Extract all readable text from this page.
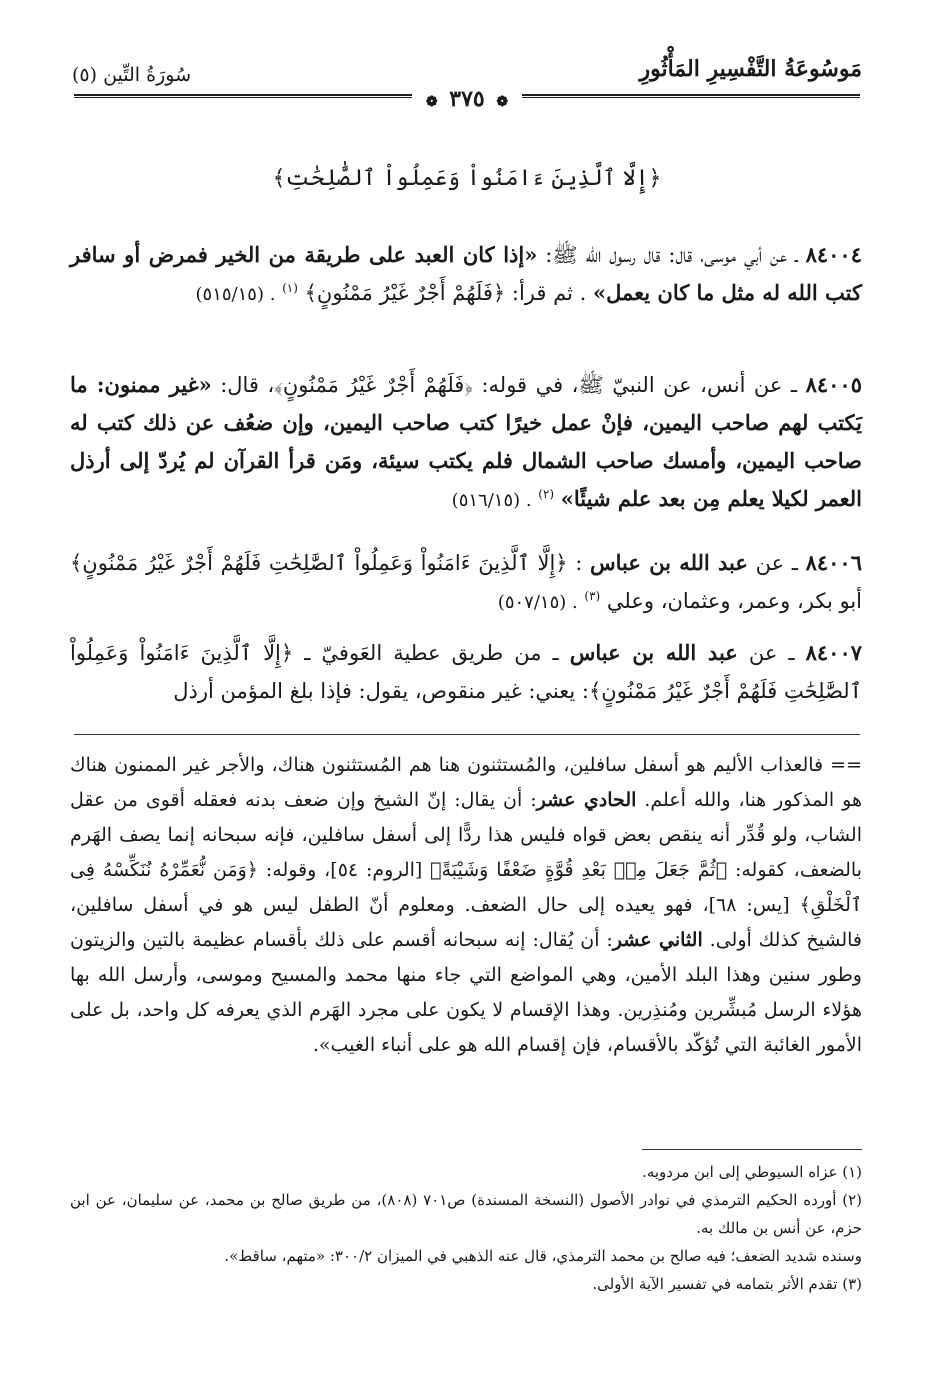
مَوسُوعَةُ التَّفْسِيرِ المَأْثُورِ
سُورَةُ التِّين (٥)
❁ ٣٧٥ ❁
﴿إِلَّا ٱلَّذِينَ ءَامَنُواْ وَعَمِلُواْ ٱلصَّٰلِحَٰتِ﴾
٨٤٠٠٤ ـ عن أبي موسى، قال: قال رسول الله ﷺ: «إذا كان العبد على طريقة من الخير فمرض أو سافر كتب الله له مثل ما كان يعمل» . ثم قرأ: ﴿فَلَهُمْ أَجْرٌ غَيْرُ مَمْنُونٍ﴾ $^{(١)}$ . (٥١٥/١٥)
٨٤٠٠٥ ـ عن أنس، عن النبيّ ﷺ، في قوله: ﴿فَلَهُمْ أَجْرٌ غَيْرُ مَمْنُونٍ﴾، قال: «غير ممنون: ما يَكتب لهم صاحب اليمين، فإنْ عمل خيرًا كتب صاحب اليمين، وإن ضعُف عن ذلك كتب له صاحب اليمين، وأمسك صاحب الشمال فلم يكتب سيئة، ومَن قرأ القرآن لم يُردّ إلى أرذل العمر لكيلا يعلم مِن بعد علم شيئًا» $^{(٢)}$ . (٥١٦/١٥)
٨٤٠٠٦ ـ عن عبد الله بن عباس : ﴿إِلَّا ٱلَّذِينَ ءَامَنُواْ وَعَمِلُواْ ٱلصَّٰلِحَٰتِ فَلَهُمْ أَجْرٌ غَيْرُ مَمْنُونٍ﴾ أبو بكر، وعمر، وعثمان، وعلي $^{(٣)}$ . (٥٠٧/١٥)
٨٤٠٠٧ ـ عن عبد الله بن عباس ـ من طريق عطية العَوفيّ ـ ﴿إِلَّا ٱلَّذِينَ ءَامَنُواْ وَعَمِلُواْ ٱلصَّٰلِحَٰتِ فَلَهُمْ أَجْرٌ غَيْرُ مَمْنُونٍ﴾: يعني: غير منقوص، يقول: فإذا بلغ المؤمن أرذل
== فالعذاب الأليم هو أسفل سافلين، والمُستثنون هنا هم المُستثنون هناك، والأجر غير الممنون هناك هو المذكور هنا، والله أعلم. الحادي عشر: أن يقال: إنّ الشيخ وإن ضعف بدنه فعقله أقوى من عقل الشاب، ولو قُدِّر أنه ينقص بعض قواه فليس هذا ردًّا إلى أسفل سافلين، فإنه سبحانه إنما يصف الهَرم بالضعف، كقوله: ﴿ثُمَّ جَعَلَ مِنۢ بَعْدِ قُوَّةٍ ضَعْفًا وَشَيْبَةً﴾ [الروم: ٥٤]، وقوله: ﴿وَمَن نُّعَمِّرْهُ نُنَكِّسْهُ فِى ٱلْخَلْقِ﴾ [يس: ٦٨]، فهو يعيده إلى حال الضعف. ومعلوم أنّ الطفل ليس هو في أسفل سافلين، فالشيخ كذلك أولى. الثاني عشر: أن يُقال: إنه سبحانه أقسم على ذلك بأقسام عظيمة بالتين والزيتون وطور سنين وهذا البلد الأمين، وهي المواضع التي جاء منها محمد والمسيح وموسى، وأرسل الله بها هؤلاء الرسل مُبشِّرين ومُنذِرين. وهذا الإقسام لا يكون على مجرد الهَرم الذي يعرفه كل واحد، بل على الأمور الغائبة التي تُؤكّد بالأقسام، فإن إقسام الله هو على أنباء الغيب».

(١) عزاه السيوطي إلى ابن مردويه.

(٢) أورده الحكيم الترمذي في نوادر الأصول (النسخة المسندة) ص٧٠١ (٨٠٨)، من طريق صالح بن محمد، عن سليمان، عن ابن حزم، عن أنس بن مالك به.

وسنده شديد الضعف؛ فيه صالح بن محمد الترمذي، قال عنه الذهبي في الميزان ٣٠٠/٢: «متهم، ساقط».

(٣) تقدم الأثر بتمامه في تفسير الآية الأولى.
